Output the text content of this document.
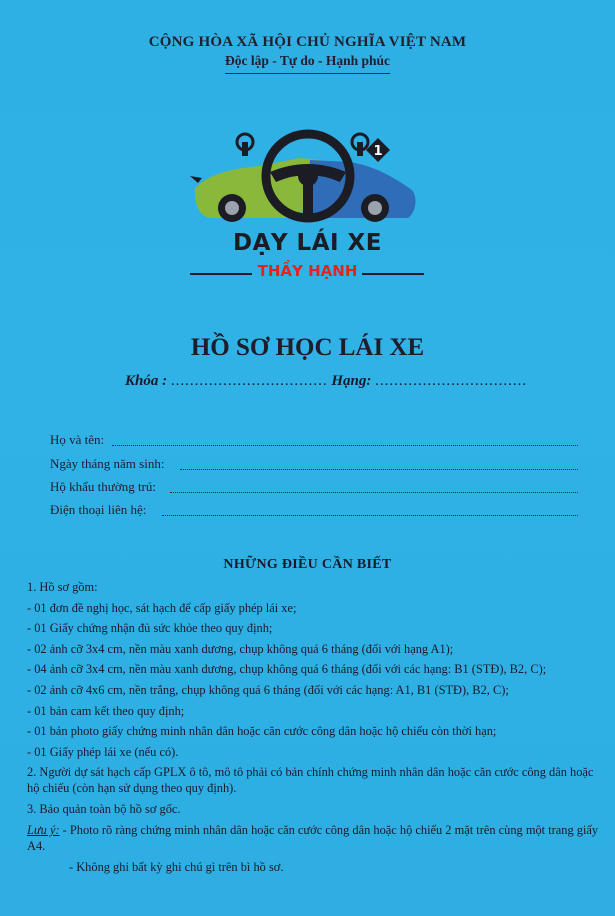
CỘNG HÒA XÃ HỘI CHỦ NGHĨA VIỆT NAM
Độc lập - Tự do - Hạnh phúc
1
DẠY LÁI XE
THẦY HẠNH
HỒ SƠ HỌC LÁI XE
Khóa : ................................. Hạng: ................................
Họ và tên:
Ngày tháng năm sinh:
Hộ khẩu thường trú:
Điện thoại liên hệ:
NHỮNG ĐIỀU CẦN BIẾT

1. Hồ sơ gồm:

- 01 đơn đề nghị học, sát hạch để cấp giấy phép lái xe;

- 01 Giấy chứng nhận đủ sức khỏe theo quy định;

- 02 ảnh cỡ 3x4 cm, nền màu xanh dương, chụp không quá 6 tháng (đối với hạng A1);

- 04 ảnh cỡ 3x4 cm, nền màu xanh dương, chụp không quá 6 tháng (đối với các hạng: B1 (STĐ), B2, C);

- 02 ảnh cỡ 4x6 cm, nền trắng, chụp không quá 6 tháng (đối với các hạng: A1, B1 (STĐ), B2, C);

- 01 bản cam kết theo quy định;

- 01 bản photo giấy chứng minh nhân dân hoặc căn cước công dân hoặc hộ chiếu còn thời hạn;

- 01 Giấy phép lái xe (nếu có).

2. Người dự sát hạch cấp GPLX ô tô, mô tô phải có bản chính chứng minh nhân dân hoặc căn cước công dân hoặc hộ chiếu (còn hạn sử dụng theo quy định).

3. Bảo quản toàn bộ hồ sơ gốc.

Lưu ý: - Photo rõ ràng chứng minh nhân dân hoặc căn cước công dân hoặc hộ chiếu 2 mặt trên cùng một trang giấy A4.

- Không ghi bất kỳ ghi chú gì trên bì hồ sơ.
